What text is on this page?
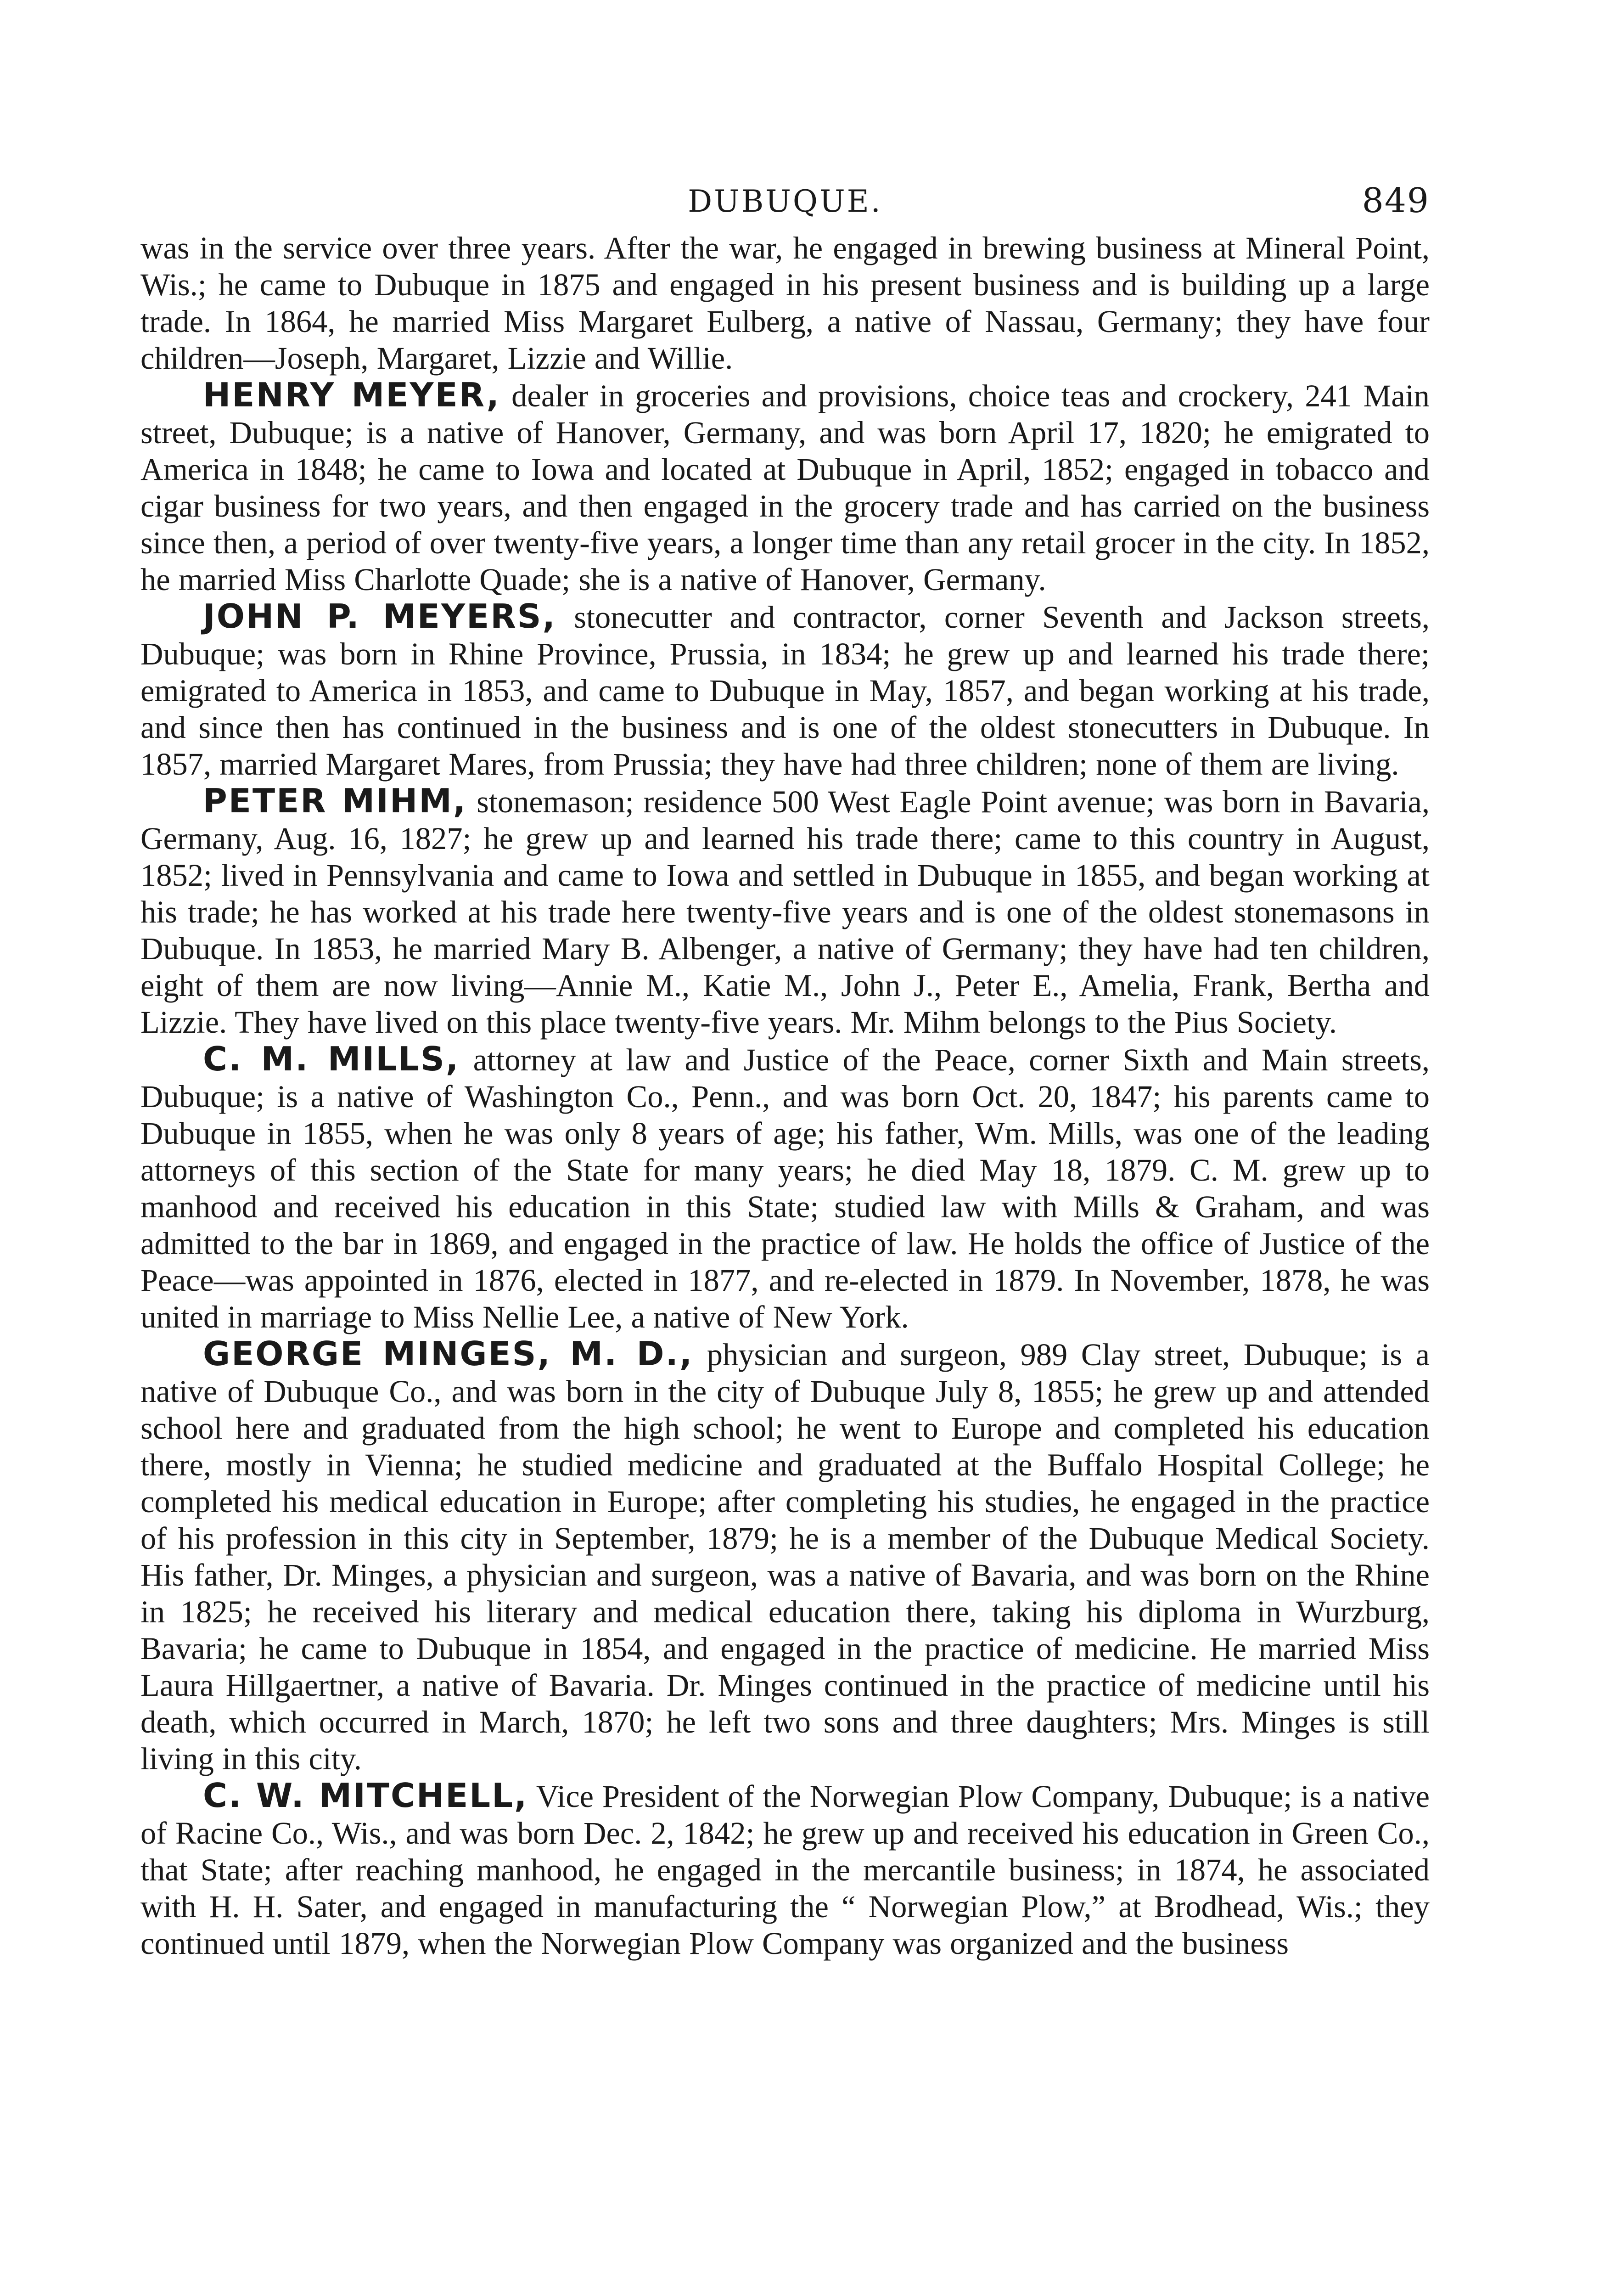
DUBUQUE.	849

was in the service over three years. After the war, he engaged in brewing business at Mineral Point, Wis.; he came to Dubuque in 1875 and engaged in his present business and is building up a large trade. In 1864, he married Miss Margaret Eulberg, a native of Nassau, Germany; they have four children—Joseph, Margaret, Lizzie and Willie.

HENRY MEYER, dealer in groceries and provisions, choice teas and crockery, 241 Main street, Dubuque; is a native of Hanover, Germany, and was born April 17, 1820; he emigrated to America in 1848; he came to Iowa and located at Dubuque in April, 1852; engaged in tobacco and cigar business for two years, and then engaged in the grocery trade and has carried on the business since then, a period of over twenty-five years, a longer time than any retail grocer in the city. In 1852, he married Miss Charlotte Quade; she is a native of Hanover, Germany.

JOHN P. MEYERS, stonecutter and contractor, corner Seventh and Jackson streets, Dubuque; was born in Rhine Province, Prussia, in 1834; he grew up and learned his trade there; emigrated to America in 1853, and came to Dubuque in May, 1857, and began working at his trade, and since then has continued in the business and is one of the oldest stonecutters in Dubuque. In 1857, married Margaret Mares, from Prussia; they have had three children; none of them are living.

PETER MIHM, stonemason; residence 500 West Eagle Point avenue; was born in Bavaria, Germany, Aug. 16, 1827; he grew up and learned his trade there; came to this country in August, 1852; lived in Pennsylvania and came to Iowa and settled in Dubuque in 1855, and began working at his trade; he has worked at his trade here twenty-five years and is one of the oldest stonemasons in Dubuque. In 1853, he married Mary B. Albenger, a native of Germany; they have had ten children, eight of them are now living—Annie M., Katie M., John J., Peter E., Amelia, Frank, Bertha and Lizzie. They have lived on this place twenty-five years. Mr. Mihm belongs to the Pius Society.

C. M. MILLS, attorney at law and Justice of the Peace, corner Sixth and Main streets, Dubuque; is a native of Washington Co., Penn., and was born Oct. 20, 1847; his parents came to Dubuque in 1855, when he was only 8 years of age; his father, Wm. Mills, was one of the leading attorneys of this section of the State for many years; he died May 18, 1879. C. M. grew up to manhood and received his education in this State; studied law with Mills & Graham, and was admitted to the bar in 1869, and engaged in the practice of law. He holds the office of Justice of the Peace—was appointed in 1876, elected in 1877, and re-elected in 1879. In November, 1878, he was united in marriage to Miss Nellie Lee, a native of New York.

GEORGE MINGES, M. D., physician and surgeon, 989 Clay street, Dubuque; is a native of Dubuque Co., and was born in the city of Dubuque July 8, 1855; he grew up and attended school here and graduated from the high school; he went to Europe and completed his education there, mostly in Vienna; he studied medicine and graduated at the Buffalo Hospital College; he completed his medical education in Europe; after completing his studies, he engaged in the practice of his profession in this city in September, 1879; he is a member of the Dubuque Medical Society. His father, Dr. Minges, a physician and surgeon, was a native of Bavaria, and was born on the Rhine in 1825; he received his literary and medical education there, taking his diploma in Wurzburg, Bavaria; he came to Dubuque in 1854, and engaged in the practice of medicine. He married Miss Laura Hillgaertner, a native of Bavaria. Dr. Minges continued in the practice of medicine until his death, which occurred in March, 1870; he left two sons and three daughters; Mrs. Minges is still living in this city.

C. W. MITCHELL, Vice President of the Norwegian Plow Company, Dubuque; is a native of Racine Co., Wis., and was born Dec. 2, 1842; he grew up and received his education in Green Co., that State; after reaching manhood, he engaged in the mercantile business; in 1874, he associated with H. H. Sater, and engaged in manufacturing the “ Norwegian Plow,” at Brodhead, Wis.; they continued until 1879, when the Norwegian Plow Company was organized and the business
